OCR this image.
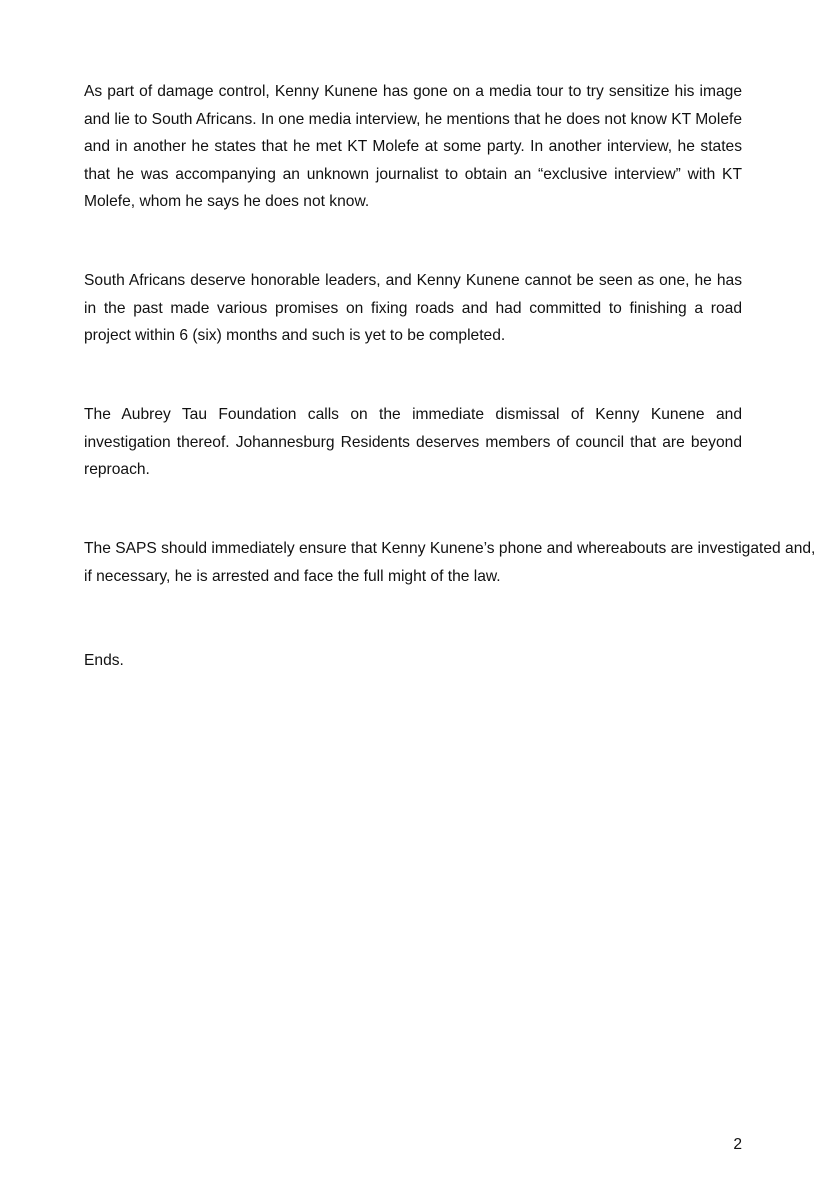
As part of damage control, Kenny Kunene has gone on a media tour to try sensitize his image and lie to South Africans. In one media interview, he mentions that he does not know KT Molefe and in another he states that he met KT Molefe at some party. In another interview, he states that he was accompanying an unknown journalist to obtain an “exclusive interview” with KT Molefe, whom he says he does not know.

South Africans deserve honorable leaders, and Kenny Kunene cannot be seen as one, he has in the past made various promises on fixing roads and had committed to finishing a road project within 6 (six) months and such is yet to be completed.

The Aubrey Tau Foundation calls on the immediate dismissal of Kenny Kunene and investigation thereof. Johannesburg Residents deserves members of council that are beyond reproach.

The SAPS should immediately ensure that Kenny Kunene’s phone and whereabouts are investigated and,
if necessary, he is arrested and face the full might of the law.

Ends.

2
